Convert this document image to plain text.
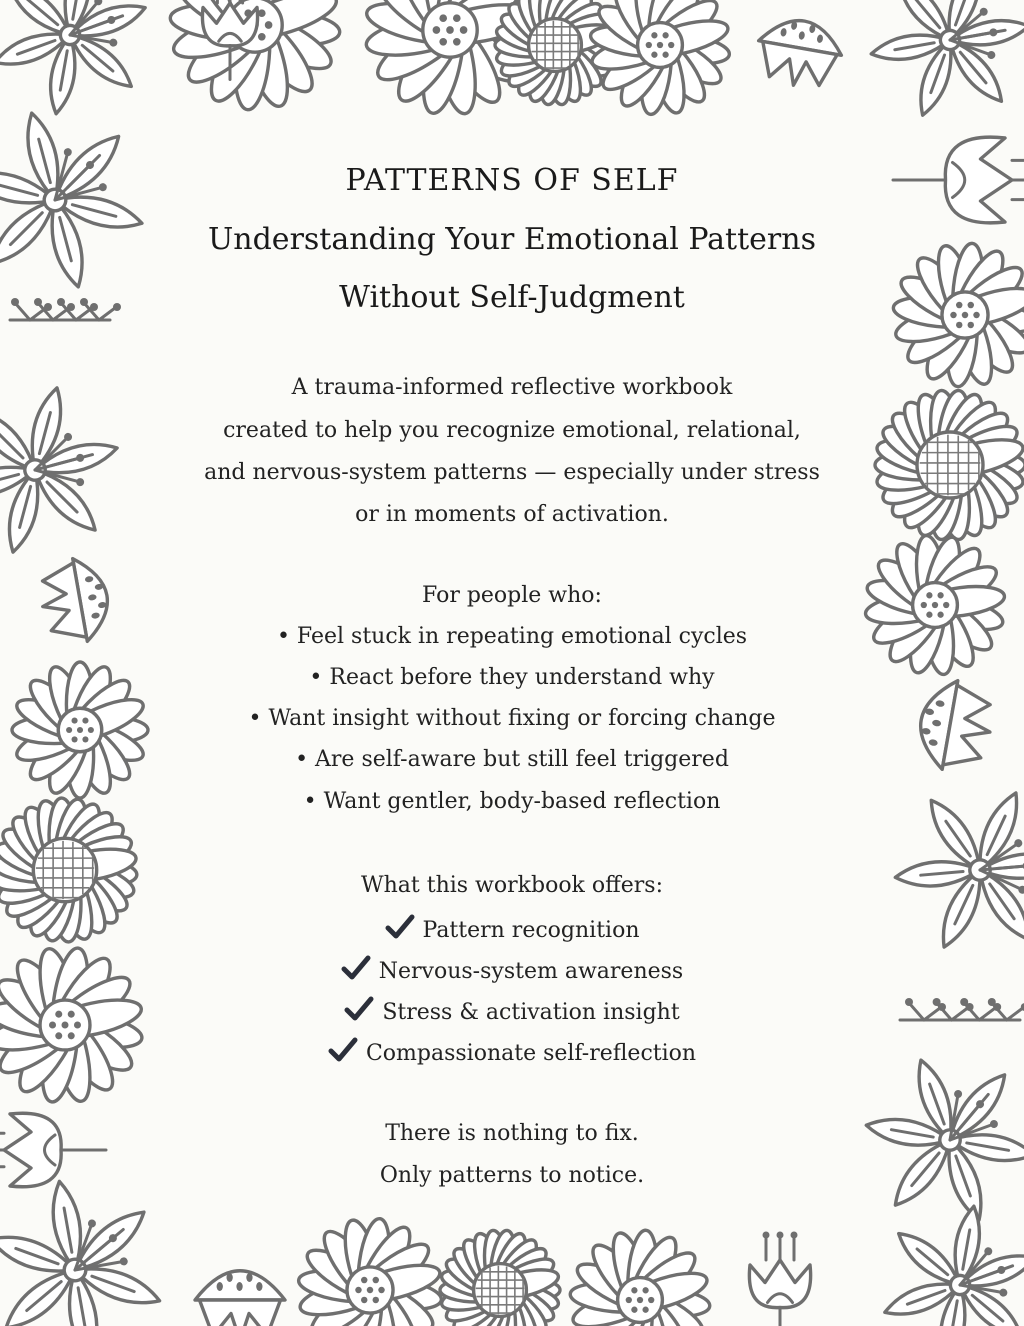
PATTERNS OF SELF
Understanding Your Emotional Patterns
Without Self-Judgment
A trauma-informed reflective workbook
created to help you recognize emotional, relational,
and nervous-system patterns — especially under stress
or in moments of activation.
For people who:
• Feel stuck in repeating emotional cycles
• React before they understand why
• Want insight without fixing or forcing change
• Are self-aware but still feel triggered
• Want gentler, body-based reflection
What this workbook offers:
Pattern recognition
Nervous-system awareness
Stress & activation insight
Compassionate self-reflection
There is nothing to fix.
Only patterns to notice.
